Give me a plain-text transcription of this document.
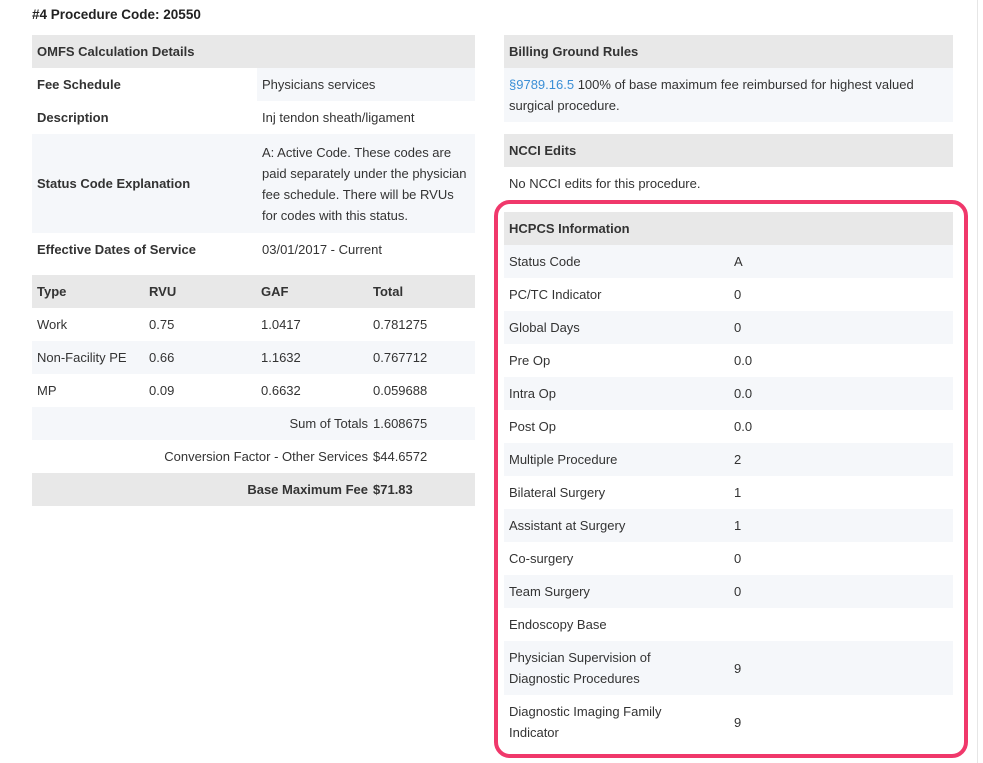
#4 Procedure Code: 20550
OMFS Calculation Details	
Fee Schedule	Physicians services
Description	Inj tendon sheath/ligament
Status Code Explanation	A: Active Code. These codes are paid separately under the physician fee schedule. There will be RVUs for codes with this status.
Effective Dates of Service	03/01/2017 - Current
Type	RVU	GAF	Total
Work	0.75	1.0417	0.781275
Non-Facility PE	0.66	1.1632	0.767712
MP	0.09	0.6632	0.059688
Sum of Totals			1.608675
Conversion Factor - Other Services			$44.6572
Base Maximum Fee			$71.83
Billing Ground Rules
§9789.16.5 100% of base maximum fee reimbursed for highest valued surgical procedure.
NCCI Edits
No NCCI edits for this procedure.
HCPCS Information	
Status Code	A
PC/TC Indicator	0
Global Days	0
Pre Op	0.0
Intra Op	0.0
Post Op	0.0
Multiple Procedure	2
Bilateral Surgery	1
Assistant at Surgery	1
Co-surgery	0
Team Surgery	0
Endoscopy Base	
Physician Supervision of Diagnostic Procedures	9
Diagnostic Imaging Family Indicator	9
